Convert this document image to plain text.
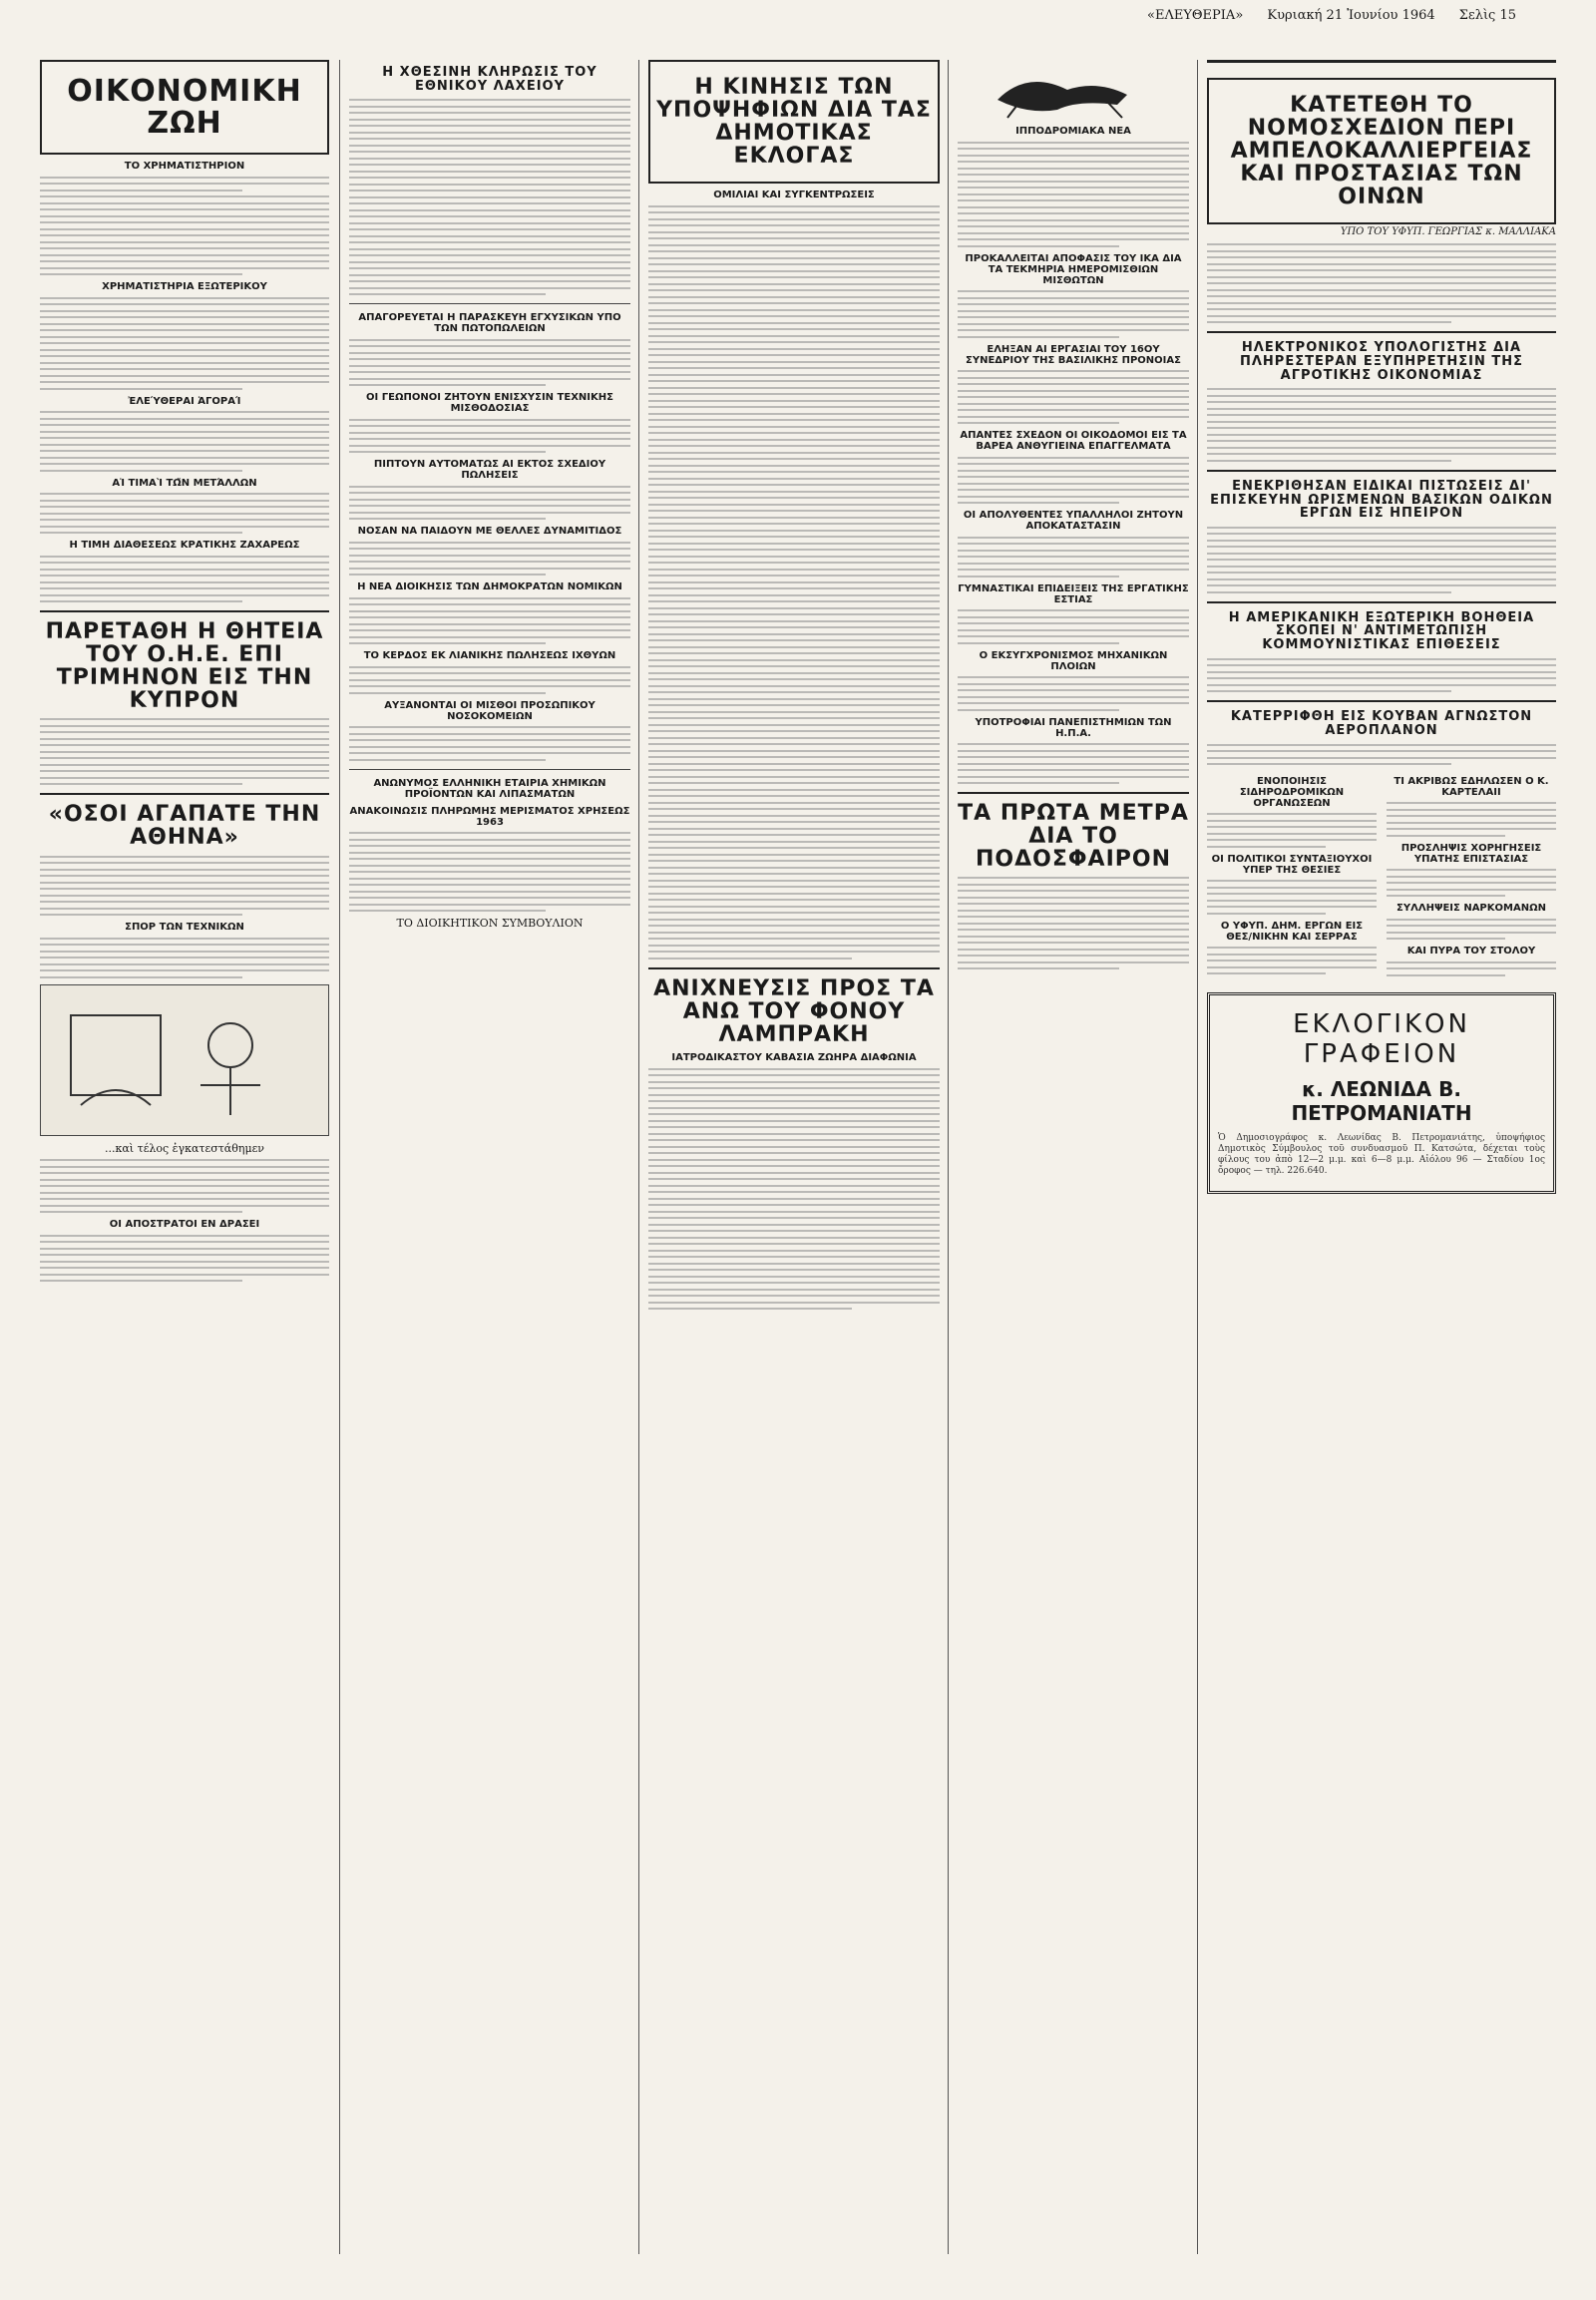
«ΕΛΕΥΘΕΡΙΑ» Κυριακή 21 Ἰουνίου 1964 Σελὶς 15
ΟΙΚΟΝΟΜΙΚΗ ΖΩΗ
ΤΟ ΧΡΗΜΑΤΙΣΤΗΡΙΟΝ
ΧΡΗΜΑΤΙΣΤΗΡΙΑ ΕΞΩΤΕΡΙΚΟΥ
ἘΛΕΎΘΕΡΑΙ ἈΓΟΡΑΊ
ΑἹ ΤΙΜΑῚ ΤΩ͂Ν ΜΕΤΆΛΛΩΝ
Η ΤΙΜΗ ΔΙΑΘΕΣΕΩΣ ΚΡΑΤΙΚΗΣ ΖΑΧΑΡΕΩΣ
ΠΑΡΕΤΑΘΗ Η ΘΗΤΕΙΑ ΤΟΥ Ο.Η.Ε. ΕΠΙ ΤΡΙΜΗΝΟΝ ΕΙΣ ΤΗΝ ΚΥΠΡΟΝ
«ΟΣΟΙ ΑΓΑΠΑΤΕ ΤΗΝ ΑΘΗΝΑ»
ΣΠΟΡ ΤΩΝ ΤΕΧΝΙΚΩΝ
...καὶ τέλος ἐγκατεστάθημεν
ΟΙ ΑΠΟΣΤΡΑΤΟΙ ΕΝ ΔΡΑΣΕΙ
Η ΧΘΕΣΙΝΗ ΚΛΗΡΩΣΙΣ ΤΟΥ ΕΘΝΙΚΟΥ ΛΑΧΕΙΟΥ
ΑΠΑΓΟΡΕΥΕΤΑΙ Η ΠΑΡΑΣΚΕΥΗ ΕΓΧΥΣΙΚΩΝ ΥΠΟ ΤΩΝ ΠΩΤΟΠΩΛΕΙΩΝ
ΟΙ ΓΕΩΠΟΝΟΙ ΖΗΤΟΥΝ ΕΝΙΣΧΥΣΙΝ ΤΕΧΝΙΚΗΣ ΜΙΣΘΟΔΟΣΙΑΣ
ΠΙΠΤΟΥΝ ΑΥΤΟΜΑΤΩΣ ΑΙ ΕΚΤΟΣ ΣΧΕΔΙΟΥ ΠΩΛΗΣΕΙΣ
ΝΟΣΑΝ ΝΑ ΠΑΙΔΟΥΝ ΜΕ ΘΕΛΛΕΣ ΔΥΝΑΜΙΤΙΔΟΣ
Η ΝΕΑ ΔΙΟΙΚΗΣΙΣ ΤΩΝ ΔΗΜΟΚΡΑΤΩΝ ΝΟΜΙΚΩΝ
ΤΟ ΚΕΡΔΟΣ ΕΚ ΛΙΑΝΙΚΗΣ ΠΩΛΗΣΕΩΣ ΙΧΘΥΩΝ
ΑΥΞΑΝΟΝΤΑΙ ΟΙ ΜΙΣΘΟΙ ΠΡΟΣΩΠΙΚΟΥ ΝΟΣΟΚΟΜΕΙΩΝ
ΑΝΩΝΥΜΟΣ ΕΛΛΗΝΙΚΗ ΕΤΑΙΡΙΑ ΧΗΜΙΚΩΝ ΠΡΟΪΟΝΤΩΝ ΚΑΙ ΛΙΠΑΣΜΑΤΩΝ
ΑΝΑΚΟΙΝΩΣΙΣ ΠΛΗΡΩΜΗΣ ΜΕΡΙΣΜΑΤΟΣ ΧΡΗΣΕΩΣ 1963
ΤΟ ΔΙΟΙΚΗΤΙΚΟΝ ΣΥΜΒΟΥΛΙΟΝ
Η ΚΙΝΗΣΙΣ ΤΩΝ ΥΠΟΨΗΦΙΩΝ ΔΙΑ ΤΑΣ ΔΗΜΟΤΙΚΑΣ ΕΚΛΟΓΑΣ
ΟΜΙΛΙΑΙ ΚΑΙ ΣΥΓΚΕΝΤΡΩΣΕΙΣ
ΑΝΙΧΝΕΥΣΙΣ ΠΡΟΣ ΤΑ ΑΝΩ ΤΟΥ ΦΟΝΟΥ ΛΑΜΠΡΑΚΗ
ΙΑΤΡΟΔΙΚΑΣΤΟΥ ΚΑΒΑΣΙΑ ΖΩΗΡΑ ΔΙΑΦΩΝΙΑ
ΙΠΠΟΔΡΟΜΙΑΚΑ ΝΕΑ
ΠΡΟΚΑΛΛΕΙΤΑΙ ΑΠΟΦΑΣΙΣ ΤΟΥ ΙΚΑ ΔΙΑ ΤΑ ΤΕΚΜΗΡΙΑ ΗΜΕΡΟΜΙΣΘΙΩΝ ΜΙΣΘΩΤΩΝ
ΕΛΗΞΑΝ ΑΙ ΕΡΓΑΣΙΑΙ ΤΟΥ 16ΟΥ ΣΥΝΕΔΡΙΟΥ ΤΗΣ ΒΑΣΙΛΙΚΗΣ ΠΡΟΝΟΙΑΣ
ΑΠΑΝΤΕΣ ΣΧΕΔΟΝ ΟΙ ΟΙΚΟΔΟΜΟΙ ΕΙΣ ΤΑ ΒΑΡΕΑ ΑΝΘΥΓΙΕΙΝΑ ΕΠΑΓΓΕΛΜΑΤΑ
ΟΙ ΑΠΟΛΥΘΕΝΤΕΣ ΥΠΑΛΛΗΛΟΙ ΖΗΤΟΥΝ ΑΠΟΚΑΤΑΣΤΑΣΙΝ
ΓΥΜΝΑΣΤΙΚΑΙ ΕΠΙΔΕΙΞΕΙΣ ΤΗΣ ΕΡΓΑΤΙΚΗΣ ΕΣΤΙΑΣ
Ο ΕΚΣΥΓΧΡΟΝΙΣΜΟΣ ΜΗΧΑΝΙΚΩΝ ΠΛΟΙΩΝ
ΥΠΟΤΡΟΦΙΑΙ ΠΑΝΕΠΙΣΤΗΜΙΩΝ ΤΩΝ Η.Π.Α.
ΤΑ ΠΡΩΤΑ ΜΕΤΡΑ ΔΙΑ ΤΟ ΠΟΔΟΣΦΑΙΡΟΝ
ΚΑΤΕΤΕΘΗ ΤΟ ΝΟΜΟΣΧΕΔΙΟΝ ΠΕΡΙ ΑΜΠΕΛΟΚΑΛΛΙΕΡΓΕΙΑΣ ΚΑΙ ΠΡΟΣΤΑΣΙΑΣ ΤΩΝ ΟΙΝΩΝ
ΥΠΟ ΤΟΥ ΥΦΥΠ. ΓΕΩΡΓΙΑΣ κ. ΜΑΛΛΙΑΚΑ
ΗΛΕΚΤΡΟΝΙΚΟΣ ΥΠΟΛΟΓΙΣΤΗΣ ΔΙΑ ΠΛΗΡΕΣΤΕΡΑΝ ΕΞΥΠΗΡΕΤΗΣΙΝ ΤΗΣ ΑΓΡΟΤΙΚΗΣ ΟΙΚΟΝΟΜΙΑΣ
ΕΝΕΚΡΙΘΗΣΑΝ ΕΙΔΙΚΑΙ ΠΙΣΤΩΣΕΙΣ ΔΙ' ΕΠΙΣΚΕΥΗΝ ΩΡΙΣΜΕΝΩΝ ΒΑΣΙΚΩΝ ΟΔΙΚΩΝ ΕΡΓΩΝ ΕΙΣ ΗΠΕΙΡΟΝ
Η ΑΜΕΡΙΚΑΝΙΚΗ ΕΞΩΤΕΡΙΚΗ ΒΟΗΘΕΙΑ ΣΚΟΠΕΙ Ν' ΑΝΤΙΜΕΤΩΠΙΣΗ ΚΟΜΜΟΥΝΙΣΤΙΚΑΣ ΕΠΙΘΕΣΕΙΣ
ΚΑΤΕΡΡΙΦΘΗ ΕΙΣ ΚΟΥΒΑΝ ΑΓΝΩΣΤΟΝ ΑΕΡΟΠΛΑΝΟΝ
ΕΝΟΠΟΙΗΣΙΣ ΣΙΔΗΡΟΔΡΟΜΙΚΩΝ ΟΡΓΑΝΩΣΕΩΝ
ΟΙ ΠΟΛΙΤΙΚΟΙ ΣΥΝΤΑΞΙΟΥΧΟΙ ΥΠΕΡ ΤΗΣ ΘΕΣΙΕΣ
Ο ΥΦΥΠ. ΔΗΜ. ΕΡΓΩΝ ΕΙΣ ΘΕΣ/ΝΙΚΗΝ ΚΑΙ ΣΕΡΡΑΣ
ΤΙ ΑΚΡΙΒΩΣ ΕΔΗΛΩΣΕΝ Ο Κ. ΚΑΡΤΕΛΑΙΙ
ΠΡΟΣΛΗΨΙΣ ΧΟΡΗΓΗΣΕΙΣ ΥΠΑΤΗΣ ΕΠΙΣΤΑΣΙΑΣ
ΣΥΛΛΗΨΕΙΣ ΝΑΡΚΟΜΑΝΩΝ
ΚΑΙ ΠΥΡΑ ΤΟΥ ΣΤΟΛΟΥ
ΕΚΛΟΓΙΚΟΝ ΓΡΑΦΕΙΟΝ
κ. ΛΕΩΝΙΔΑ Β. ΠΕΤΡΟΜΑΝΙΑΤΗ
Ὁ Δημοσιογράφος κ. Λεωνίδας Β. Πετρομανιάτης, ὑποψήφιος Δημοτικὸς Σύμβουλος τοῦ συνδυασμοῦ Π. Κατσώτα, δέχεται τοὺς φίλους του ἀπὸ 12—2 μ.μ. καὶ 6—8 μ.μ. Αἰόλου 96 — Σταδίου 1ος ὄροφος — τηλ. 226.640.
